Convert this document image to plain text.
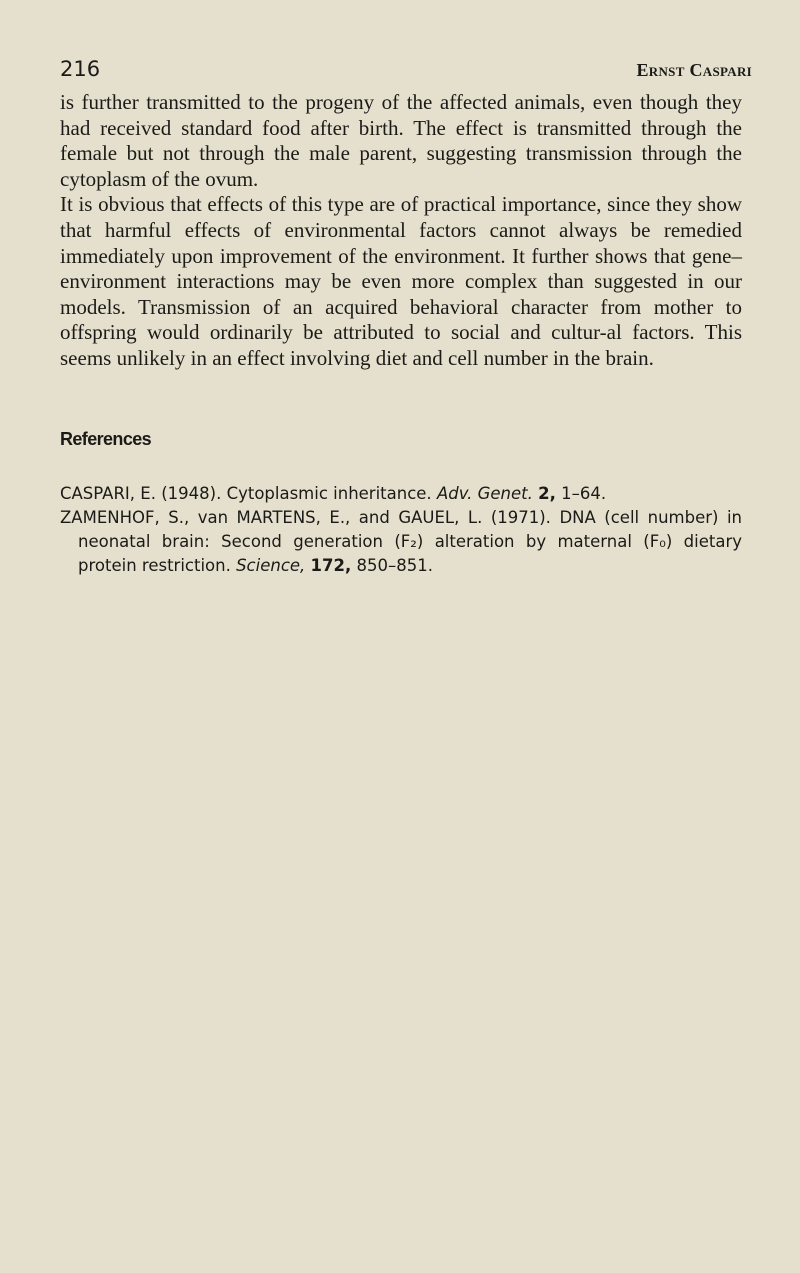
216	Ernst Caspari

is further transmitted to the progeny of the affected animals, even though they had received standard food after birth. The effect is transmitted through the female but not through the male parent, suggesting transmission through the cytoplasm of the ovum.

It is obvious that effects of this type are of practical importance, since they show that harmful effects of environmental factors cannot always be remedied immediately upon improvement of the environment. It further shows that gene–environment interactions may be even more complex than suggested in our models. Transmission of an acquired behavioral character from mother to offspring would ordinarily be attributed to social and cultur-al factors. This seems unlikely in an effect involving diet and cell number in the brain.

References

CASPARI, E. (1948). Cytoplasmic inheritance. Adv. Genet. 2, 1–64.

ZAMENHOF, S., van MARTENS, E., and GAUEL, L. (1971). DNA (cell number) in neonatal brain: Second generation (F₂) alteration by maternal (F₀) dietary protein restriction. Science, 172, 850–851.
